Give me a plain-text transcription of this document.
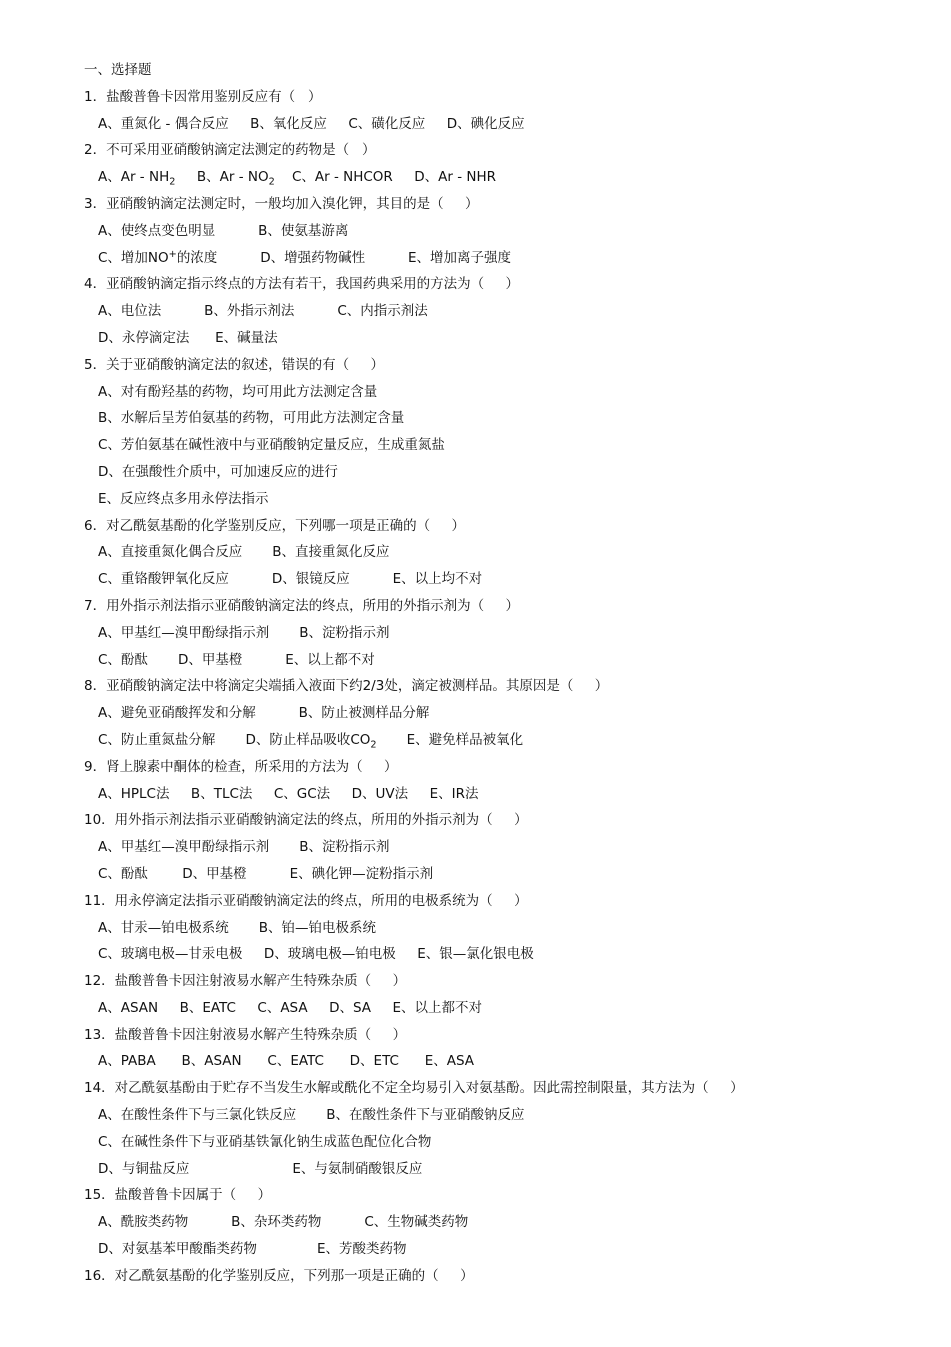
一、选择题
1．盐酸普鲁卡因常用鉴别反应有（   ）
A、重氮化 - 偶合反应     B、氧化反应     C、磺化反应     D、碘化反应
2．不可采用亚硝酸钠滴定法测定的药物是（   ）
A、Ar - $NH_2$     B、Ar - $NO_2$    C、Ar - NHCOR     D、Ar - NHR
3．亚硝酸钠滴定法测定时，一般均加入溴化钾，其目的是（     ）
A、使终点变色明显          B、使氨基游离
C、增加NO+的浓度          D、增强药物碱性          E、增加离子强度
4．亚硝酸钠滴定指示终点的方法有若干，我国药典采用的方法为（     ）
A、电位法          B、外指示剂法          C、内指示剂法
D、永停滴定法      E、碱量法
5．关于亚硝酸钠滴定法的叙述，错误的有（     ）
A、对有酚羟基的药物，均可用此方法测定含量
B、水解后呈芳伯氨基的药物，可用此方法测定含量
C、芳伯氨基在碱性液中与亚硝酸钠定量反应，生成重氮盐
D、在强酸性介质中，可加速反应的进行
E、反应终点多用永停法指示
6．对乙酰氨基酚的化学鉴别反应，下列哪一项是正确的（     ）
A、直接重氮化偶合反应       B、直接重氮化反应
C、重铬酸钾氧化反应          D、银镜反应          E、以上均不对
7．用外指示剂法指示亚硝酸钠滴定法的终点，所用的外指示剂为（     ）
A、甲基红—溴甲酚绿指示剂       B、淀粉指示剂
C、酚酞       D、甲基橙          E、以上都不对
8．亚硝酸钠滴定法中将滴定尖端插入液面下约2/3处，滴定被测样品。其原因是（     ）
A、避免亚硝酸挥发和分解          B、防止被测样品分解
C、防止重氮盐分解       D、防止样品吸收$CO_2$       E、避免样品被氧化
9．肾上腺素中酮体的检查，所采用的方法为（     ）
A、HPLC法     B、TLC法     C、GC法     D、UV法     E、IR法
10．用外指示剂法指示亚硝酸钠滴定法的终点，所用的外指示剂为（     ）
A、甲基红—溴甲酚绿指示剂       B、淀粉指示剂
C、酚酞        D、甲基橙          E、碘化钾—淀粉指示剂
11．用永停滴定法指示亚硝酸钠滴定法的终点，所用的电极系统为（     ）
A、甘汞—铂电极系统       B、铂—铂电极系统
C、玻璃电极—甘汞电极     D、玻璃电极—铂电极     E、银—氯化银电极
12．盐酸普鲁卡因注射液易水解产生特殊杂质（     ）
A、ASAN     B、EATC     C、ASA     D、SA     E、以上都不对
13．盐酸普鲁卡因注射液易水解产生特殊杂质（     ）
A、PABA      B、ASAN      C、EATC      D、ETC      E、ASA
14．对乙酰氨基酚由于贮存不当发生水解或酰化不定全均易引入对氨基酚。因此需控制限量，其方法为（     ）
A、在酸性条件下与三氯化铁反应       B、在酸性条件下与亚硝酸钠反应
C、在碱性条件下与亚硝基铁氰化钠生成蓝色配位化合物
D、与铜盐反应                        E、与氨制硝酸银反应
15．盐酸普鲁卡因属于（     ）
A、酰胺类药物          B、杂环类药物          C、生物碱类药物
D、对氨基苯甲酸酯类药物              E、芳酸类药物
16．对乙酰氨基酚的化学鉴别反应，下列那一项是正确的（     ）
